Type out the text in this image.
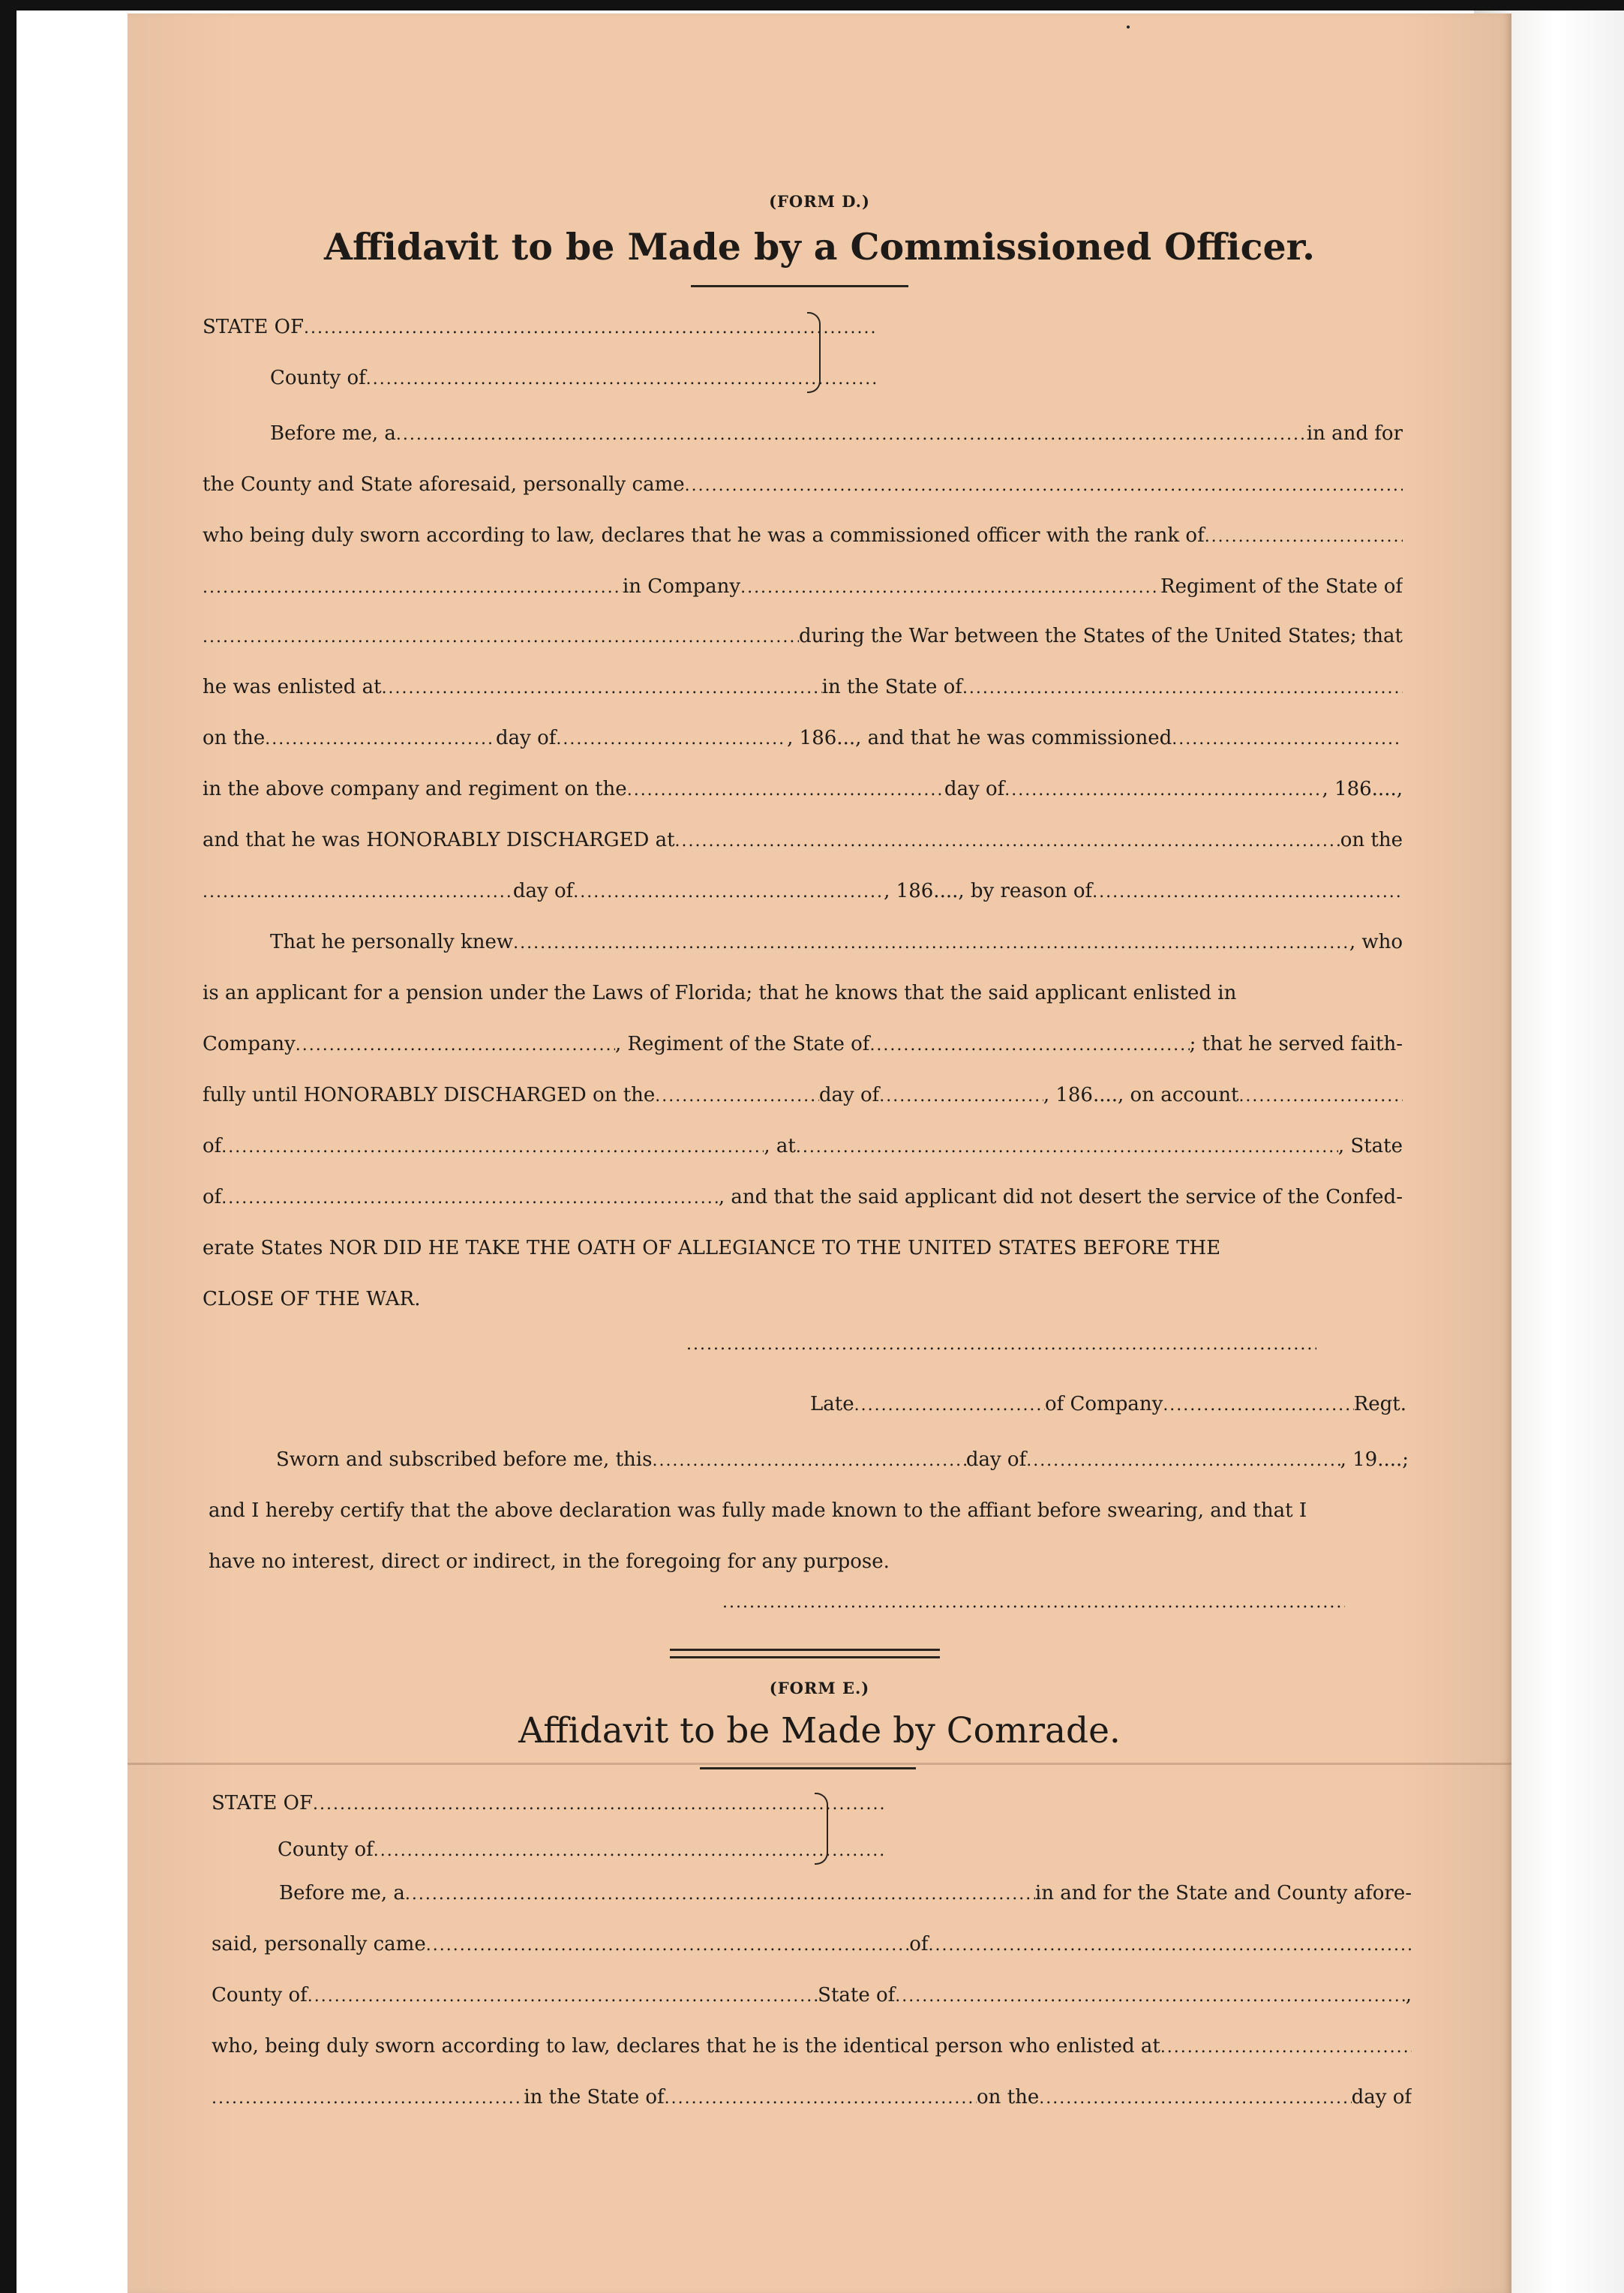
(FORM D.)
Affidavit to be Made by a Commissioned Officer.
STATE OF
.....
County of
.....
.....
.....
(FORM E.)
Affidavit to be Made by Comrade.
STATE OF
.....
County of
.....
Before me, a .....	in and for
the County and State aforesaid, personally came
.....
who being duly sworn according to law, declares that he was a commissioned officer with the rank of
.....
.....
in Company .....	Regiment of the State of
.....
during the War between the States of the United States; that
he was enlisted at .....	in the State of
.....
on the .....	day of .....	, 186..., and that he was commissioned
.....
in the above company and regiment on the .....	day of .....	, 186....,
and that he was HONORABLY DISCHARGED at .....	on the
.....
day of .....	, 186...., by reason of
.....
That he personally knew .....	, who
is an applicant for a pension under the Laws of Florida; that he knows that the said applicant enlisted in
Company .....	, Regiment of the State of .....	; that he served faith-
fully until HONORABLY DISCHARGED on the .....	day of .....	, 186...., on account
.....
of .....	, at .....	, State
of .....	, and that the said applicant did not desert the service of the Confed-
erate States NOR DID HE TAKE THE OATH OF ALLEGIANCE TO THE UNITED STATES BEFORE THE
CLOSE OF THE WAR.
Late .....	of Company .....	Regt.
Sworn and subscribed before me, this .....	day of .....	, 19....;
and I hereby certify that the above declaration was fully made known to the affiant before swearing, and that I
have no interest, direct or indirect, in the foregoing for any purpose.
Before me, a .....	in and for the State and County afore-
said, personally came .....	of
.....
County of .....	State of .....	,
who, being duly sworn according to law, declares that he is the identical person who enlisted at
.....
.....
in the State of .....	on the .....	day of
